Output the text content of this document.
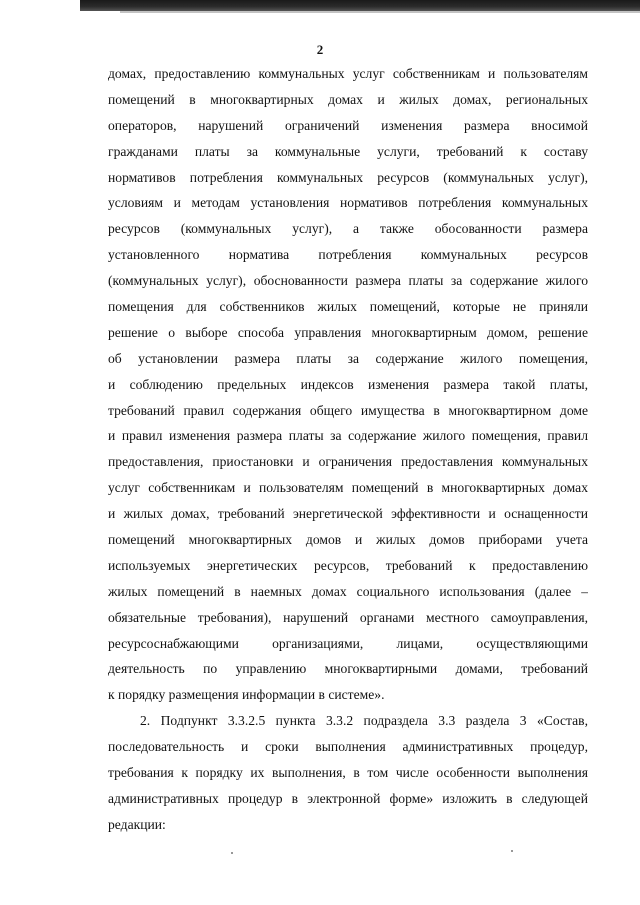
2
домах, предоставлению коммунальных услуг собственникам и пользователям
помещений в многоквартирных домах и жилых домах, региональных
операторов, нарушений ограничений изменения размера вносимой
гражданами платы за коммунальные услуги, требований к составу
нормативов потребления коммунальных ресурсов (коммунальных услуг),
условиям и методам установления нормативов потребления коммунальных
ресурсов (коммунальных услуг), а также обосованности размера
установленного норматива потребления коммунальных ресурсов
(коммунальных услуг), обоснованности размера платы за содержание жилого
помещения для собственников жилых помещений, которые не приняли
решение о выборе способа управления многоквартирным домом, решение
об установлении размера платы за содержание жилого помещения,
и соблюдению предельных индексов изменения размера такой платы,
требований правил содержания общего имущества в многоквартирном доме
и правил изменения размера платы за содержание жилого помещения, правил
предоставления, приостановки и ограничения предоставления коммунальных
услуг собственникам и пользователям помещений в многоквартирных домах
и жилых домах, требований энергетической эффективности и оснащенности
помещений многоквартирных домов и жилых домов приборами учета
используемых энергетических ресурсов, требований к предоставлению
жилых помещений в наемных домах социального использования (далее –
обязательные требования), нарушений органами местного самоуправления,
ресурсоснабжающими организациями, лицами, осуществляющими
деятельность по управлению многоквартирными домами, требований
к порядку размещения информации в системе».
2. Подпункт 3.3.2.5 пункта 3.3.2 подраздела 3.3 раздела 3 «Состав,
последовательность и сроки выполнения административных процедур,
требования к порядку их выполнения, в том числе особенности выполнения
административных процедур в электронной форме» изложить в следующей
редакции:
